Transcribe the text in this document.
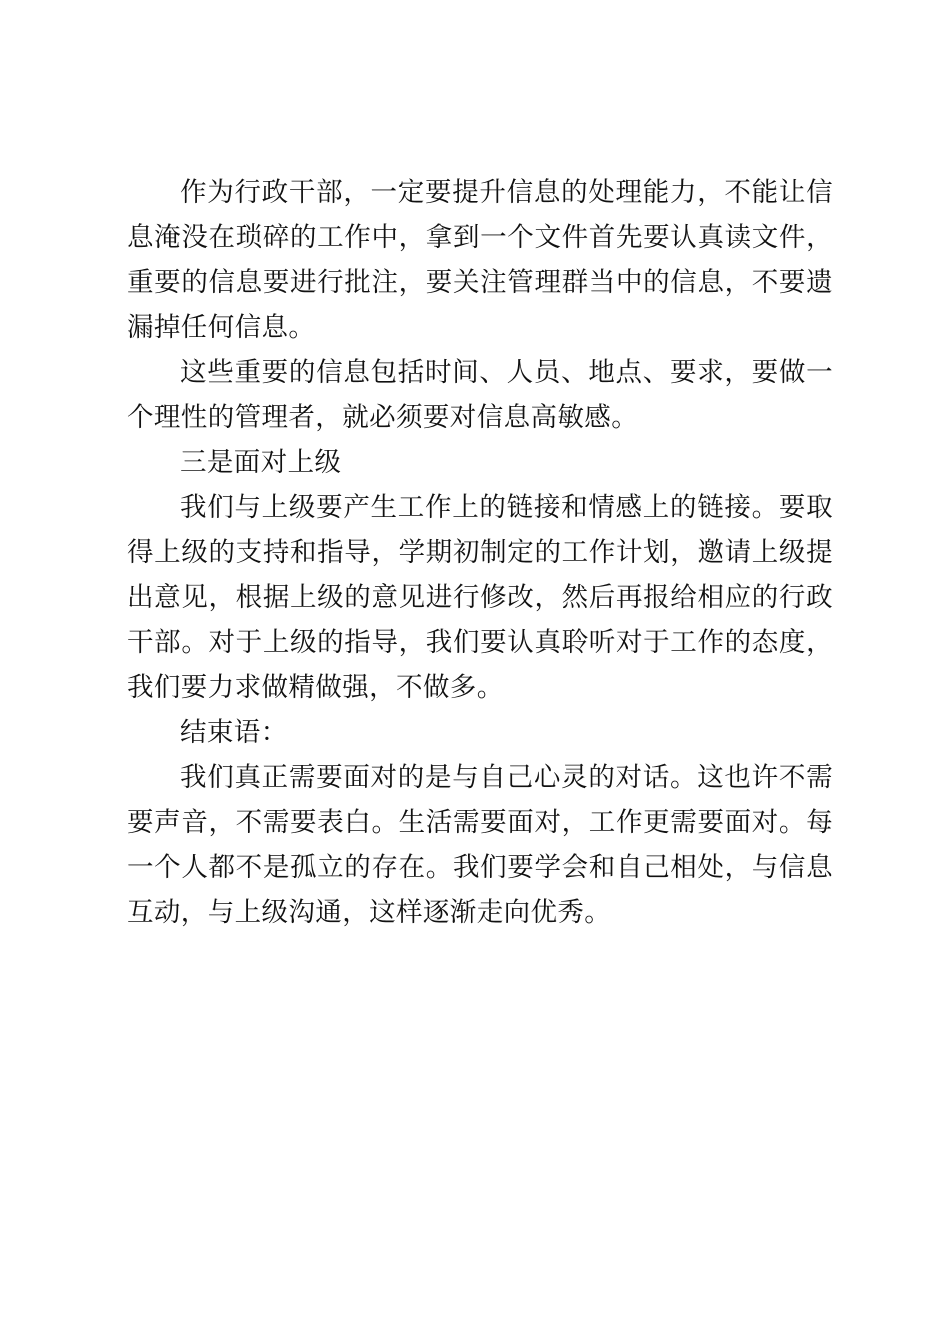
作为行政干部，一定要提升信息的处理能力，不能让信息淹没在琐碎的工作中，拿到一个文件首先要认真读文件，重要的信息要进行批注，要关注管理群当中的信息，不要遗漏掉任何信息。

这些重要的信息包括时间、人员、地点、要求，要做一个理性的管理者，就必须要对信息高敏感。

三是面对上级

我们与上级要产生工作上的链接和情感上的链接。要取得上级的支持和指导，学期初制定的工作计划，邀请上级提出意见，根据上级的意见进行修改，然后再报给相应的行政干部。对于上级的指导，我们要认真聆听对于工作的态度，我们要力求做精做强，不做多。

结束语：

我们真正需要面对的是与自己心灵的对话。这也许不需要声音，不需要表白。生活需要面对，工作更需要面对。每一个人都不是孤立的存在。我们要学会和自己相处，与信息互动，与上级沟通，这样逐渐走向优秀。
